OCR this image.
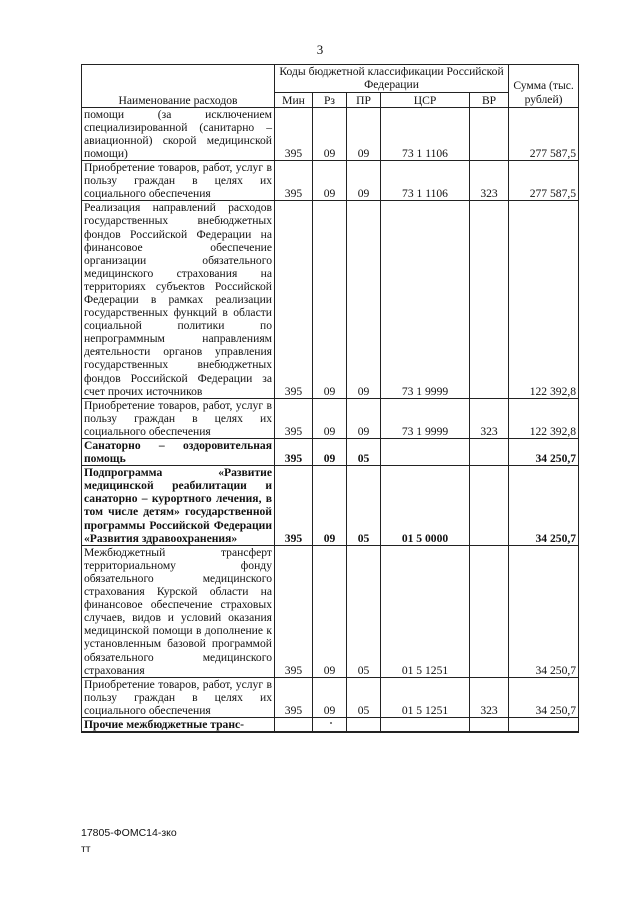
3
Наименование расходов	Коды бюджетной классификации Российской Федерации					Сумма (тыс. рублей)
	Мин	Рз	ПР	ЦСР	ВР	
помощи (за исключением специализированной (санитарно – авиационной) скорой медицинской помощи)	395	09	09	73 1 1106		277 587,5
Приобретение товаров, работ, услуг в пользу граждан в целях их социального обеспечения	395	09	09	73 1 1106	323	277 587,5
Реализация направлений расходов государственных внебюджетных фондов Российской Федерации на финансовое обеспечение организации обязательного медицинского страхования на территориях субъектов Российской Федерации в рамках реализации государственных функций в области социальной политики по непрограммным направлениям деятельности органов управления государственных внебюджетных фондов Российской Федерации за счет прочих источников	395	09	09	73 1 9999		122 392,8
Приобретение товаров, работ, услуг в пользу граждан в целях их социального обеспечения	395	09	09	73 1 9999	323	122 392,8
Санаторно – оздоровительная помощь	395	09	05			34 250,7
Подпрограмма «Развитие медицинской реабилитации и санаторно – курортного лечения, в том числе детям» государственной программы Российской Федерации «Развития здравоохранения»	395	09	05	01 5 0000		34 250,7
Межбюджетный трансферт территориальному фонду обязательного медицинского страхования Курской области на финансовое обеспечение страховых случаев, видов и условий оказания медицинской помощи в дополнение к установленным базовой программой обязательного медицинского страхования	395	09	05	01 5 1251		34 250,7
Приобретение товаров, работ, услуг в пользу граждан в целях их социального обеспечения	395	09	05	01 5 1251	323	34 250,7
Прочие межбюджетные транс-						
17805-ФОМС14-зко
тт
